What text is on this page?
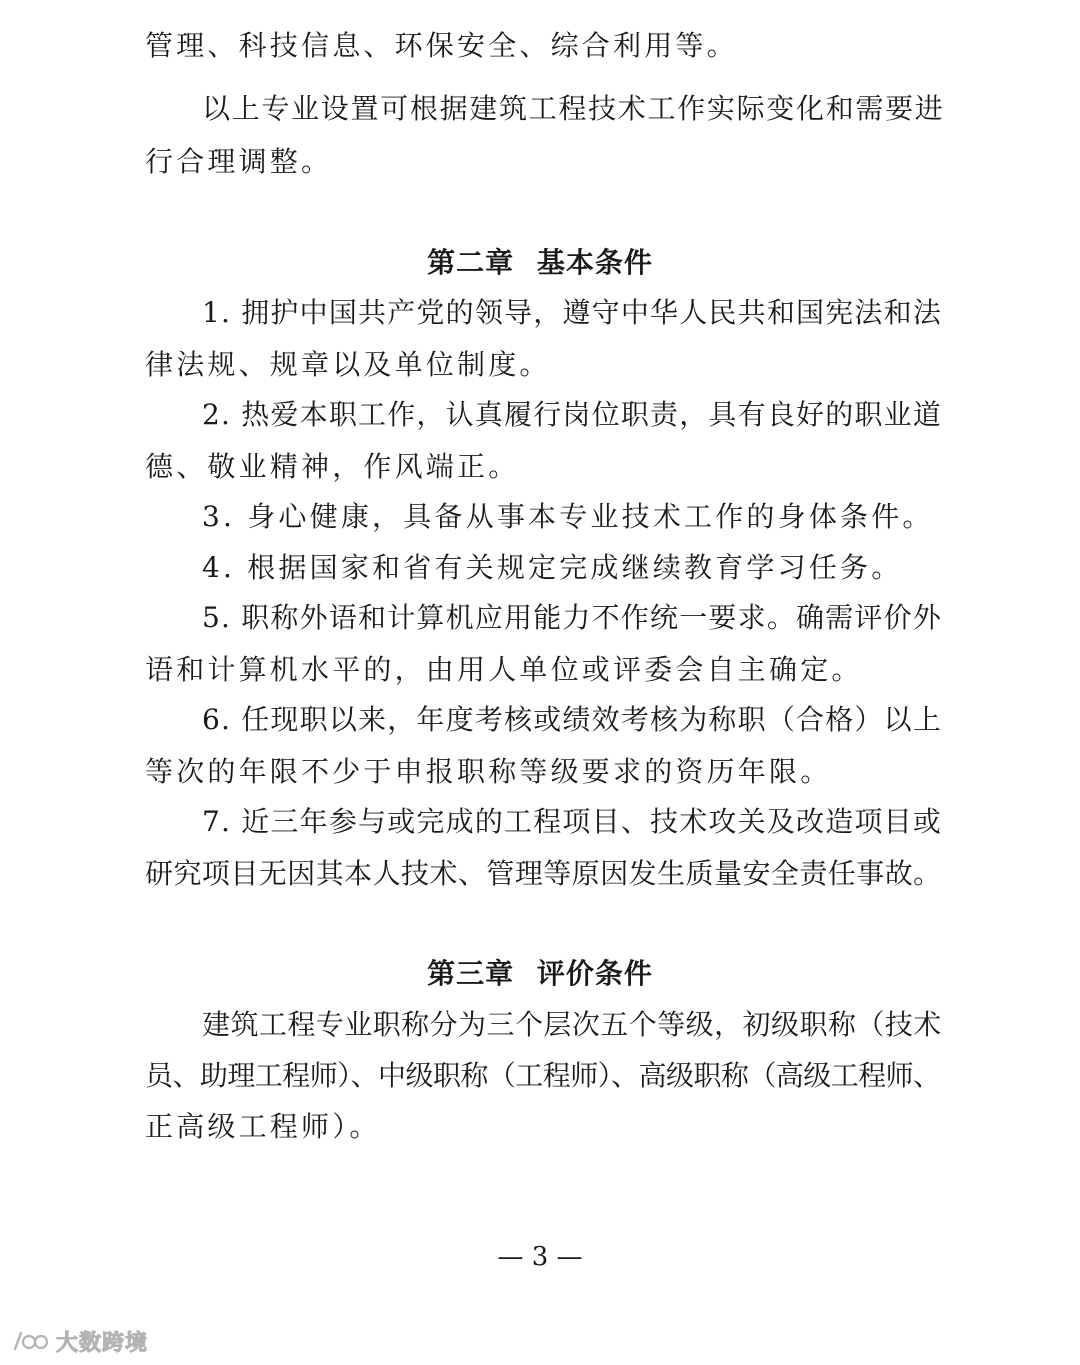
管理、科技信息、环保安全、综合利用等。
以上专业设置可根据建筑工程技术工作实际变化和需要进
行合理调整。
第二章 基本条件
1. 拥护中国共产党的领导，遵守中华人民共和国宪法和法
律法规、规章以及单位制度。
2. 热爱本职工作，认真履行岗位职责，具有良好的职业道
德、敬业精神，作风端正。
3. 身心健康，具备从事本专业技术工作的身体条件。
4. 根据国家和省有关规定完成继续教育学习任务。
5. 职称外语和计算机应用能力不作统一要求。确需评价外
语和计算机水平的，由用人单位或评委会自主确定。
6. 任现职以来，年度考核或绩效考核为称职（合格）以上
等次的年限不少于申报职称等级要求的资历年限。
7. 近三年参与或完成的工程项目、技术攻关及改造项目或
研究项目无因其本人技术、管理等原因发生质量安全责任事故。
第三章 评价条件
建筑工程专业职称分为三个层次五个等级，初级职称（技术
员、助理工程师）、中级职称（工程师）、高级职称（高级工程师、
正高级工程师）。
— 3 —
大数跨境
